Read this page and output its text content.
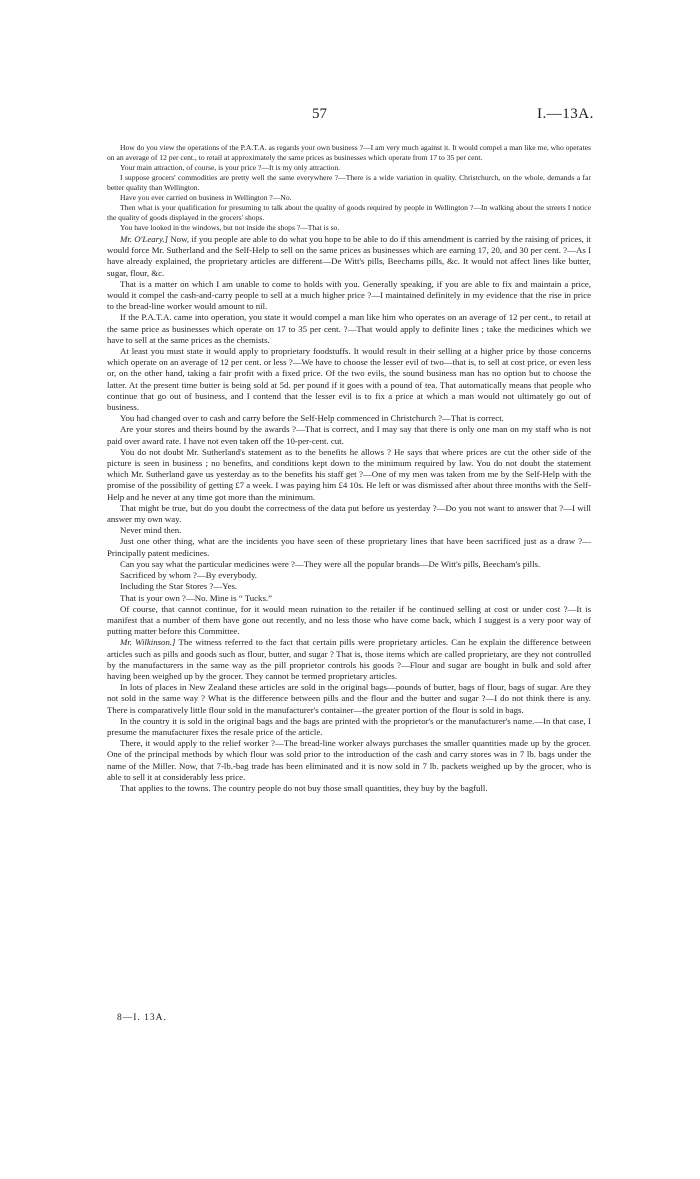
57	I.—13A.

How do you view the operations of the P.A.T.A. as regards your own business ?—I am very much against it. It would compel a man like me, who operates on an average of 12 per cent., to retail at approximately the same prices as businesses which operate from 17 to 35 per cent.

Your main attraction, of course, is your price ?—It is my only attraction.

I suppose grocers' commodities are pretty well the same everywhere ?—There is a wide variation in quality. Christchurch, on the whole, demands a far better quality than Wellington.

Have you ever carried on business in Wellington ?—No.

Then what is your qualification for presuming to talk about the quality of goods required by people in Wellington ?—In walking about the streets I notice the quality of goods displayed in the grocers' shops.

You have looked in the windows, but not inside the shops ?—That is so.

Mr. O'Leary.] Now, if you people are able to do what you hope to be able to do if this amendment is carried by the raising of prices, it would force Mr. Sutherland and the Self-Help to sell on the same prices as businesses which are earning 17, 20, and 30 per cent. ?—As I have already explained, the proprietary articles are different—De Witt's pills, Beechams pills, &c. It would not affect lines like butter, sugar, flour, &c.

That is a matter on which I am unable to come to holds with you. Generally speaking, if you are able to fix and maintain a price, would it compel the cash-and-carry people to sell at a much higher price ?—I maintained definitely in my evidence that the rise in price to the bread-line worker would amount to nil.

If the P.A.T.A. came into operation, you state it would compel a man like him who operates on an average of 12 per cent., to retail at the same price as businesses which operate on 17 to 35 per cent. ?—That would apply to definite lines ; take the medicines which we have to sell at the same prices as the chemists.

At least you must state it would apply to proprietary foodstuffs. It would result in their selling at a higher price by those concerns which operate on an average of 12 per cent. or less ?—We have to choose the lesser evil of two—that is, to sell at cost price, or even less or, on the other hand, taking a fair profit with a fixed price. Of the two evils, the sound business man has no option but to choose the latter. At the present time butter is being sold at 5d. per pound if it goes with a pound of tea. That automatically means that people who continue that go out of business, and I contend that the lesser evil is to fix a price at which a man would not ultimately go out of business.

You had changed over to cash and carry before the Self-Help commenced in Christchurch ?—That is correct.

Are your stores and theirs bound by the awards ?—That is correct, and I may say that there is only one man on my staff who is not paid over award rate. I have not even taken off the 10-per-cent. cut.

You do not doubt Mr. Sutherland's statement as to the benefits he allows ? He says that where prices are cut the other side of the picture is seen in business ; no benefits, and conditions kept down to the minimum required by law. You do not doubt the statement which Mr. Sutherland gave us yesterday as to the benefits his staff get ?—One of my men was taken from me by the Self-Help with the promise of the possibility of getting £7 a week. I was paying him £4 10s. He left or was dismissed after about three months with the Self-Help and he never at any time got more than the minimum.

That might be true, but do you doubt the correctness of the data put before us yesterday ?—Do you not want to answer that ?—I will answer my own way.

Never mind then.

Just one other thing, what are the incidents you have seen of these proprietary lines that have been sacrificed just as a draw ?—Principally patent medicines.

Can you say what the particular medicines were ?—They were all the popular brands—De Witt's pills, Beecham's pills.

Sacrificed by whom ?—By everybody.

Including the Star Stores ?—Yes.

That is your own ?—No. Mine is “ Tucks.”

Of course, that cannot continue, for it would mean ruination to the retailer if he continued selling at cost or under cost ?—It is manifest that a number of them have gone out recently, and no less those who have come back, which I suggest is a very poor way of putting matter before this Committee.

Mr. Wilkinson.] The witness referred to the fact that certain pills were proprietary articles. Can he explain the difference between articles such as pills and goods such as flour, butter, and sugar ? That is, those items which are called proprietary, are they not controlled by the manufacturers in the same way as the pill proprietor controls his goods ?—Flour and sugar are bought in bulk and sold after having been weighed up by the grocer. They cannot be termed proprietary articles.

In lots of places in New Zealand these articles are sold in the original bags—pounds of butter, bags of flour, bags of sugar. Are they not sold in the same way ? What is the difference between pills and the flour and the butter and sugar ?—I do not think there is any. There is comparatively little flour sold in the manufacturer's container—the greater portion of the flour is sold in bags.

In the country it is sold in the original bags and the bags are printed with the proprietor's or the manufacturer's name.—In that case, I presume the manufacturer fixes the resale price of the article.

There, it would apply to the relief worker ?—The bread-line worker always purchases the smaller quantities made up by the grocer. One of the principal methods by which flour was sold prior to the introduction of the cash and carry stores was in 7 lb. bags under the name of the Miller. Now, that 7-lb.-bag trade has been eliminated and it is now sold in 7 lb. packets weighed up by the grocer, who is able to sell it at considerably less price.

That applies to the towns. The country people do not buy those small quantities, they buy by the bagfull.

8—I. 13A.
